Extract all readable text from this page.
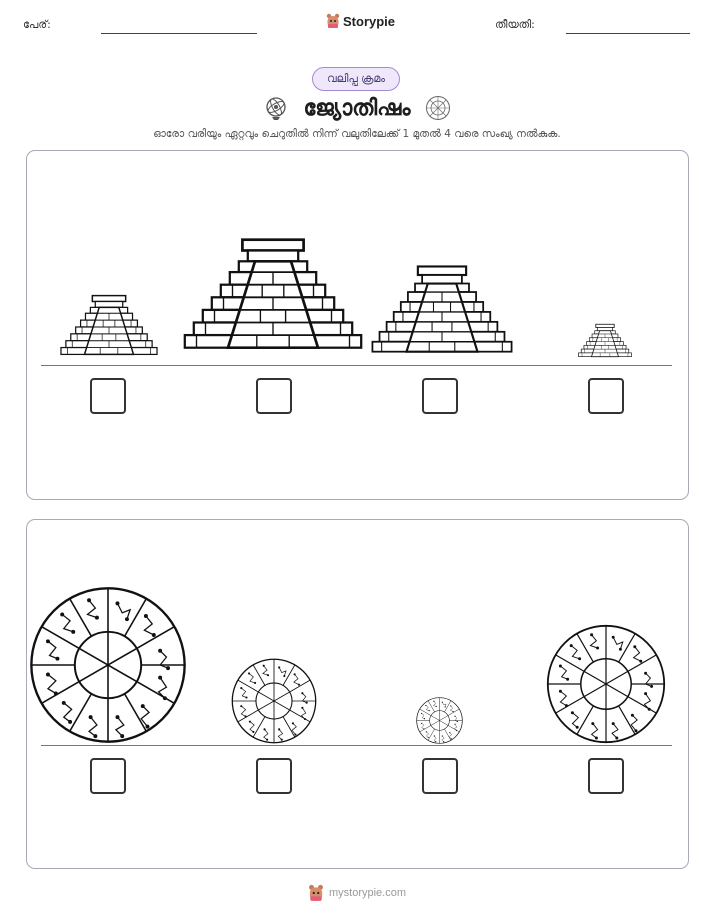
പേര്:	Storypie	തീയതി:
വലിപ്പ ക്രമം
ജ്യോതിഷം
ഓരോ വരിയും ഏറ്റവും ചെറുതിൽ നിന്ന് വലുതിലേക്ക് 1 മുതൽ 4 വരെ സംഖ്യ നൽകുക.
mystorypie.com
